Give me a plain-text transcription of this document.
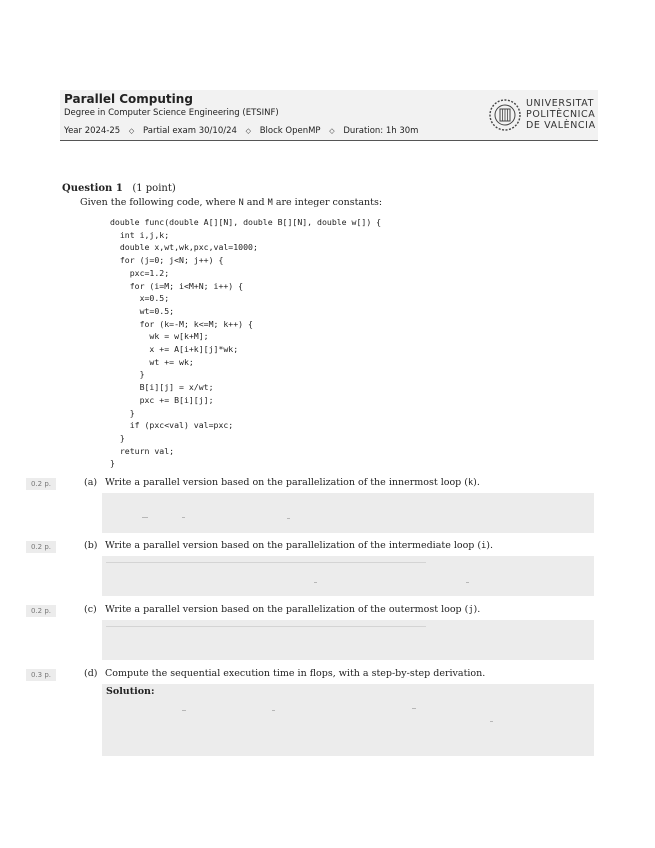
Parallel Computing
Degree in Computer Science Engineering (ETSINF)
Year 2024-25 ◇ Partial exam 30/10/24 ◇ Block OpenMP ◇ Duration: 1h 30m
UNIVERSITAT
POLITÈCNICA
DE VALÈNCIA
Question 1 (1 point)
Given the following code, where N and M are integer constants:
double func(double A[][N], double B[][N], double w[]) {
int i,j,k;
double x,wt,wk,pxc,val=1000;
for (j=0; j<N; j++) {
pxc=1.2;
for (i=M; i<M+N; i++) {
x=0.5;
wt=0.5;
for (k=-M; k<=M; k++) {
wk = w[k+M];
x += A[i+k][j]*wk;
wt += wk;
}
B[i][j] = x/wt;
pxc += B[i][j];
}
if (pxc<val) val=pxc;
}
return val;
}
0.2 p.	(a) Write a parallel version based on the parallelization of the innermost loop (k).
0.2 p.	(b) Write a parallel version based on the parallelization of the intermediate loop (i).
0.2 p.	(c) Write a parallel version based on the parallelization of the outermost loop (j).
0.3 p.	(d) Compute the sequential execution time in flops, with a step-by-step derivation.
Solution:
